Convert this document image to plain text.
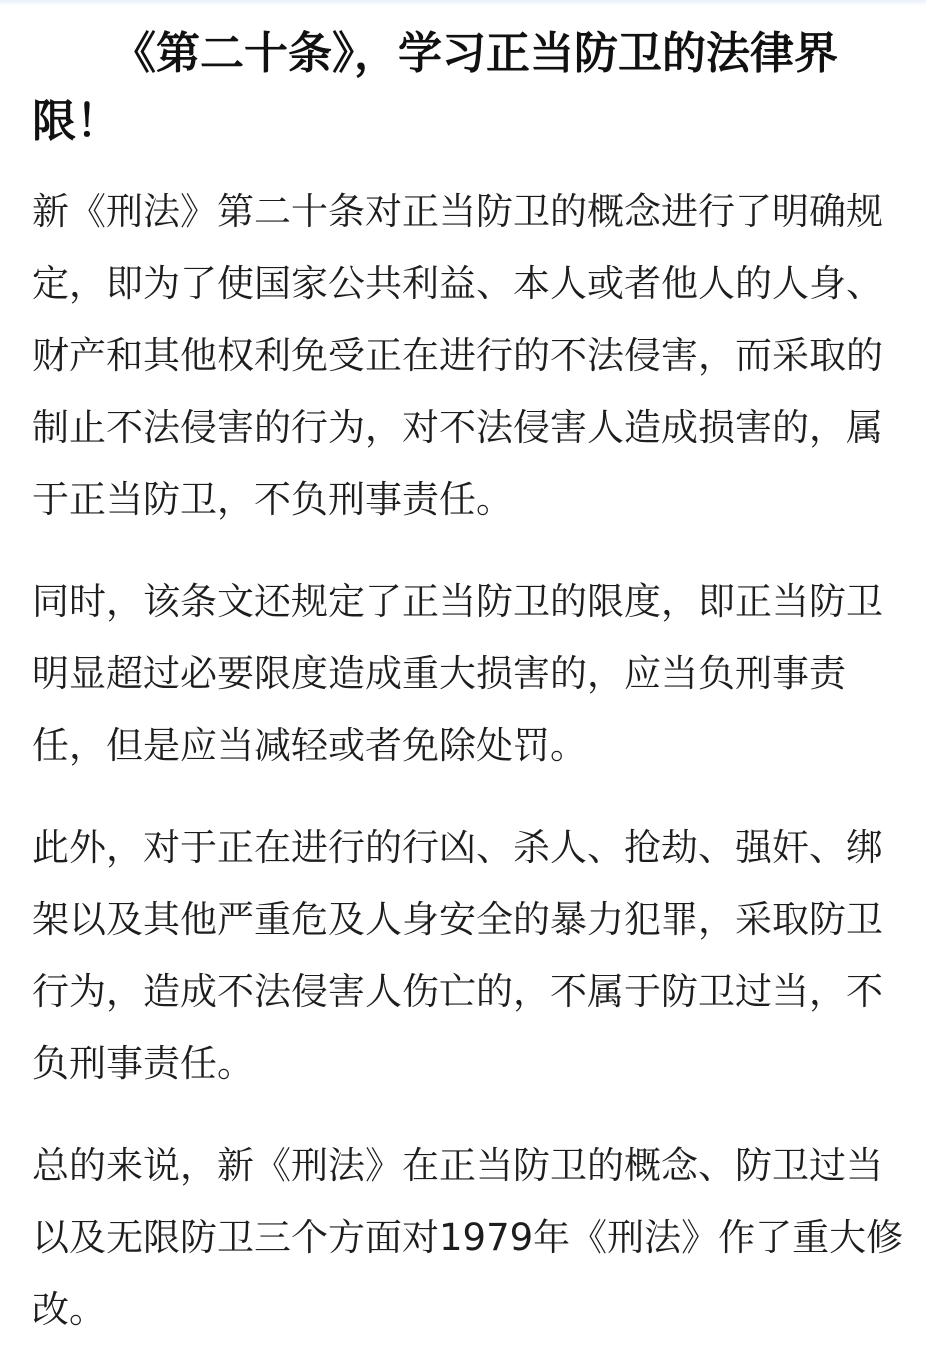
《第二十条》，学习正当防卫的法律界限！

新《刑法》第二十条对正当防卫的概念进行了明确规定，即为了使国家公共利益、本人或者他人的人身、财产和其他权利免受正在进行的不法侵害，而采取的制止不法侵害的行为，对不法侵害人造成损害的，属于正当防卫，不负刑事责任。

同时，该条文还规定了正当防卫的限度，即正当防卫明显超过必要限度造成重大损害的，应当负刑事责任，但是应当减轻或者免除处罚。

此外，对于正在进行的行凶、杀人、抢劫、强奸、绑架以及其他严重危及人身安全的暴力犯罪，采取防卫行为，造成不法侵害人伤亡的，不属于防卫过当，不负刑事责任。

总的来说，新《刑法》在正当防卫的概念、防卫过当以及无限防卫三个方面对1979年《刑法》作了重大修改。
